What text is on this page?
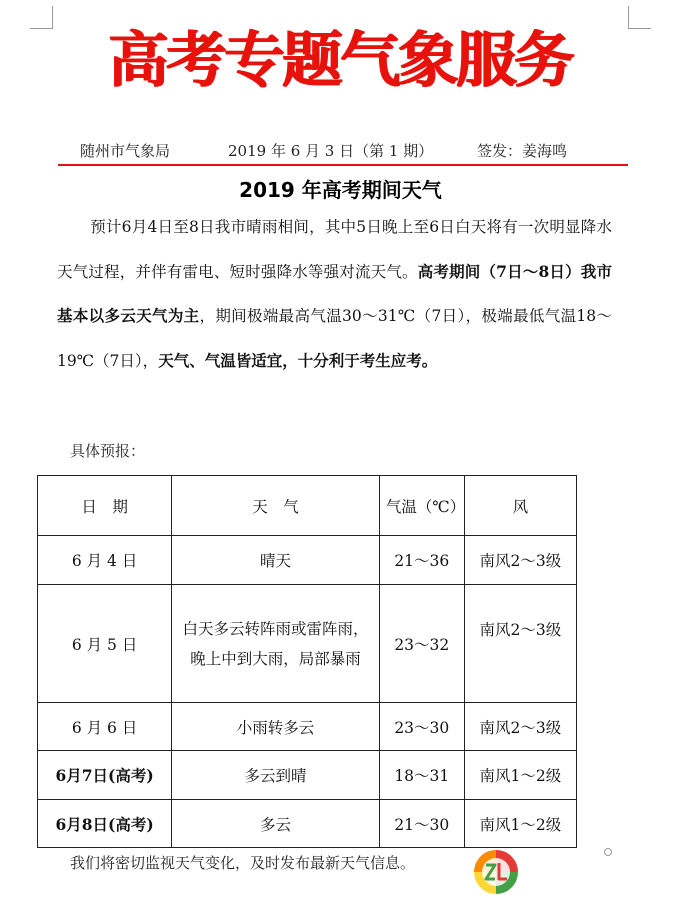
高考专题气象服务

随州市气象局

	2019 年 6 月 3 日（第 1 期）

	签发：姜海鸣

2019 年高考期间天气
预计6月4日至8日我市晴雨相间，其中5日晚上至6日白天将有一次明显降水天气过程，并伴有雷电、短时强降水等强对流天气。高考期间（7日～8日）我市基本以多云天气为主，期间极端最高气温30～31℃（7日），极端最低气温18～19℃（7日），天气、气温皆适宜，十分利于考生应考。
具体预报：
日　期	天　气	气温（℃）	风
6 月 4 日	晴天	21～36	南风2～3级
6 月 5 日	白天多云转阵雨或雷阵雨，晚上中到大雨，局部暴雨	23～32	南风2～3级
6 月 6 日	小雨转多云	23～30	南风2～3级
6月7日(高考)	多云到晴	18～31	南风1～2级
6月8日(高考)	多云	21～30	南风1～2级
我们将密切监视天气变化，及时发布最新天气信息。
